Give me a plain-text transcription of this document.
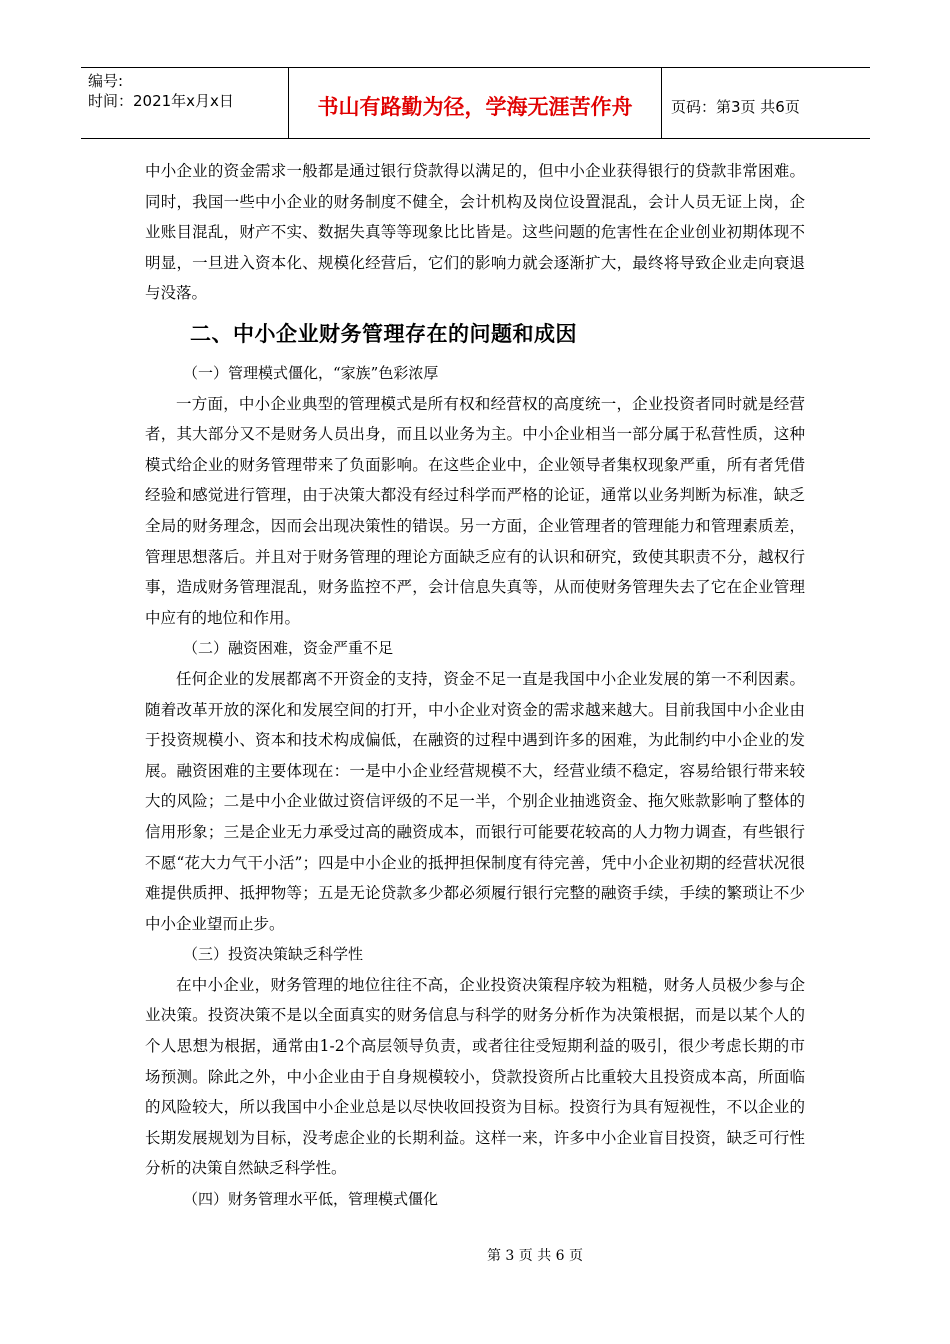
编号:
时间：2021年x月x日	书山有路勤为径，学海无涯苦作舟	页码：第3页 共6页

中小企业的资金需求一般都是通过银行贷款得以满足的，但中小企业获得银行的贷款非常困难。同时，我国一些中小企业的财务制度不健全，会计机构及岗位设置混乱，会计人员无证上岗，企业账目混乱，财产不实、数据失真等等现象比比皆是。这些问题的危害性在企业创业初期体现不明显，一旦进入资本化、规模化经营后，它们的影响力就会逐渐扩大，最终将导致企业走向衰退与没落。

二、中小企业财务管理存在的问题和成因

（一）管理模式僵化，“家族”色彩浓厚

一方面，中小企业典型的管理模式是所有权和经营权的高度统一，企业投资者同时就是经营者，其大部分又不是财务人员出身，而且以业务为主。中小企业相当一部分属于私营性质，这种模式给企业的财务管理带来了负面影响。在这些企业中，企业领导者集权现象严重，所有者凭借经验和感觉进行管理，由于决策大都没有经过科学而严格的论证，通常以业务判断为标准，缺乏全局的财务理念，因而会出现决策性的错误。另一方面，企业管理者的管理能力和管理素质差，管理思想落后。并且对于财务管理的理论方面缺乏应有的认识和研究，致使其职责不分，越权行事，造成财务管理混乱，财务监控不严，会计信息失真等，从而使财务管理失去了它在企业管理中应有的地位和作用。

（二）融资困难，资金严重不足

任何企业的发展都离不开资金的支持，资金不足一直是我国中小企业发展的第一不利因素。随着改革开放的深化和发展空间的打开，中小企业对资金的需求越来越大。目前我国中小企业由于投资规模小、资本和技术构成偏低，在融资的过程中遇到许多的困难，为此制约中小企业的发展。融资困难的主要体现在：一是中小企业经营规模不大，经营业绩不稳定，容易给银行带来较大的风险；二是中小企业做过资信评级的不足一半，个别企业抽逃资金、拖欠账款影响了整体的信用形象；三是企业无力承受过高的融资成本，而银行可能要花较高的人力物力调查，有些银行不愿“花大力气干小活”；四是中小企业的抵押担保制度有待完善，凭中小企业初期的经营状况很难提供质押、抵押物等；五是无论贷款多少都必须履行银行完整的融资手续，手续的繁琐让不少中小企业望而止步。

（三）投资决策缺乏科学性

在中小企业，财务管理的地位往往不高，企业投资决策程序较为粗糙，财务人员极少参与企业决策。投资决策不是以全面真实的财务信息与科学的财务分析作为决策根据，而是以某个人的个人思想为根据，通常由1-2个高层领导负责，或者往往受短期利益的吸引，很少考虑长期的市场预测。除此之外，中小企业由于自身规模较小，贷款投资所占比重较大且投资成本高，所面临的风险较大，所以我国中小企业总是以尽快收回投资为目标。投资行为具有短视性，不以企业的长期发展规划为目标，没考虑企业的长期利益。这样一来，许多中小企业盲目投资，缺乏可行性分析的决策自然缺乏科学性。

（四）财务管理水平低，管理模式僵化

第 3 页 共 6 页
